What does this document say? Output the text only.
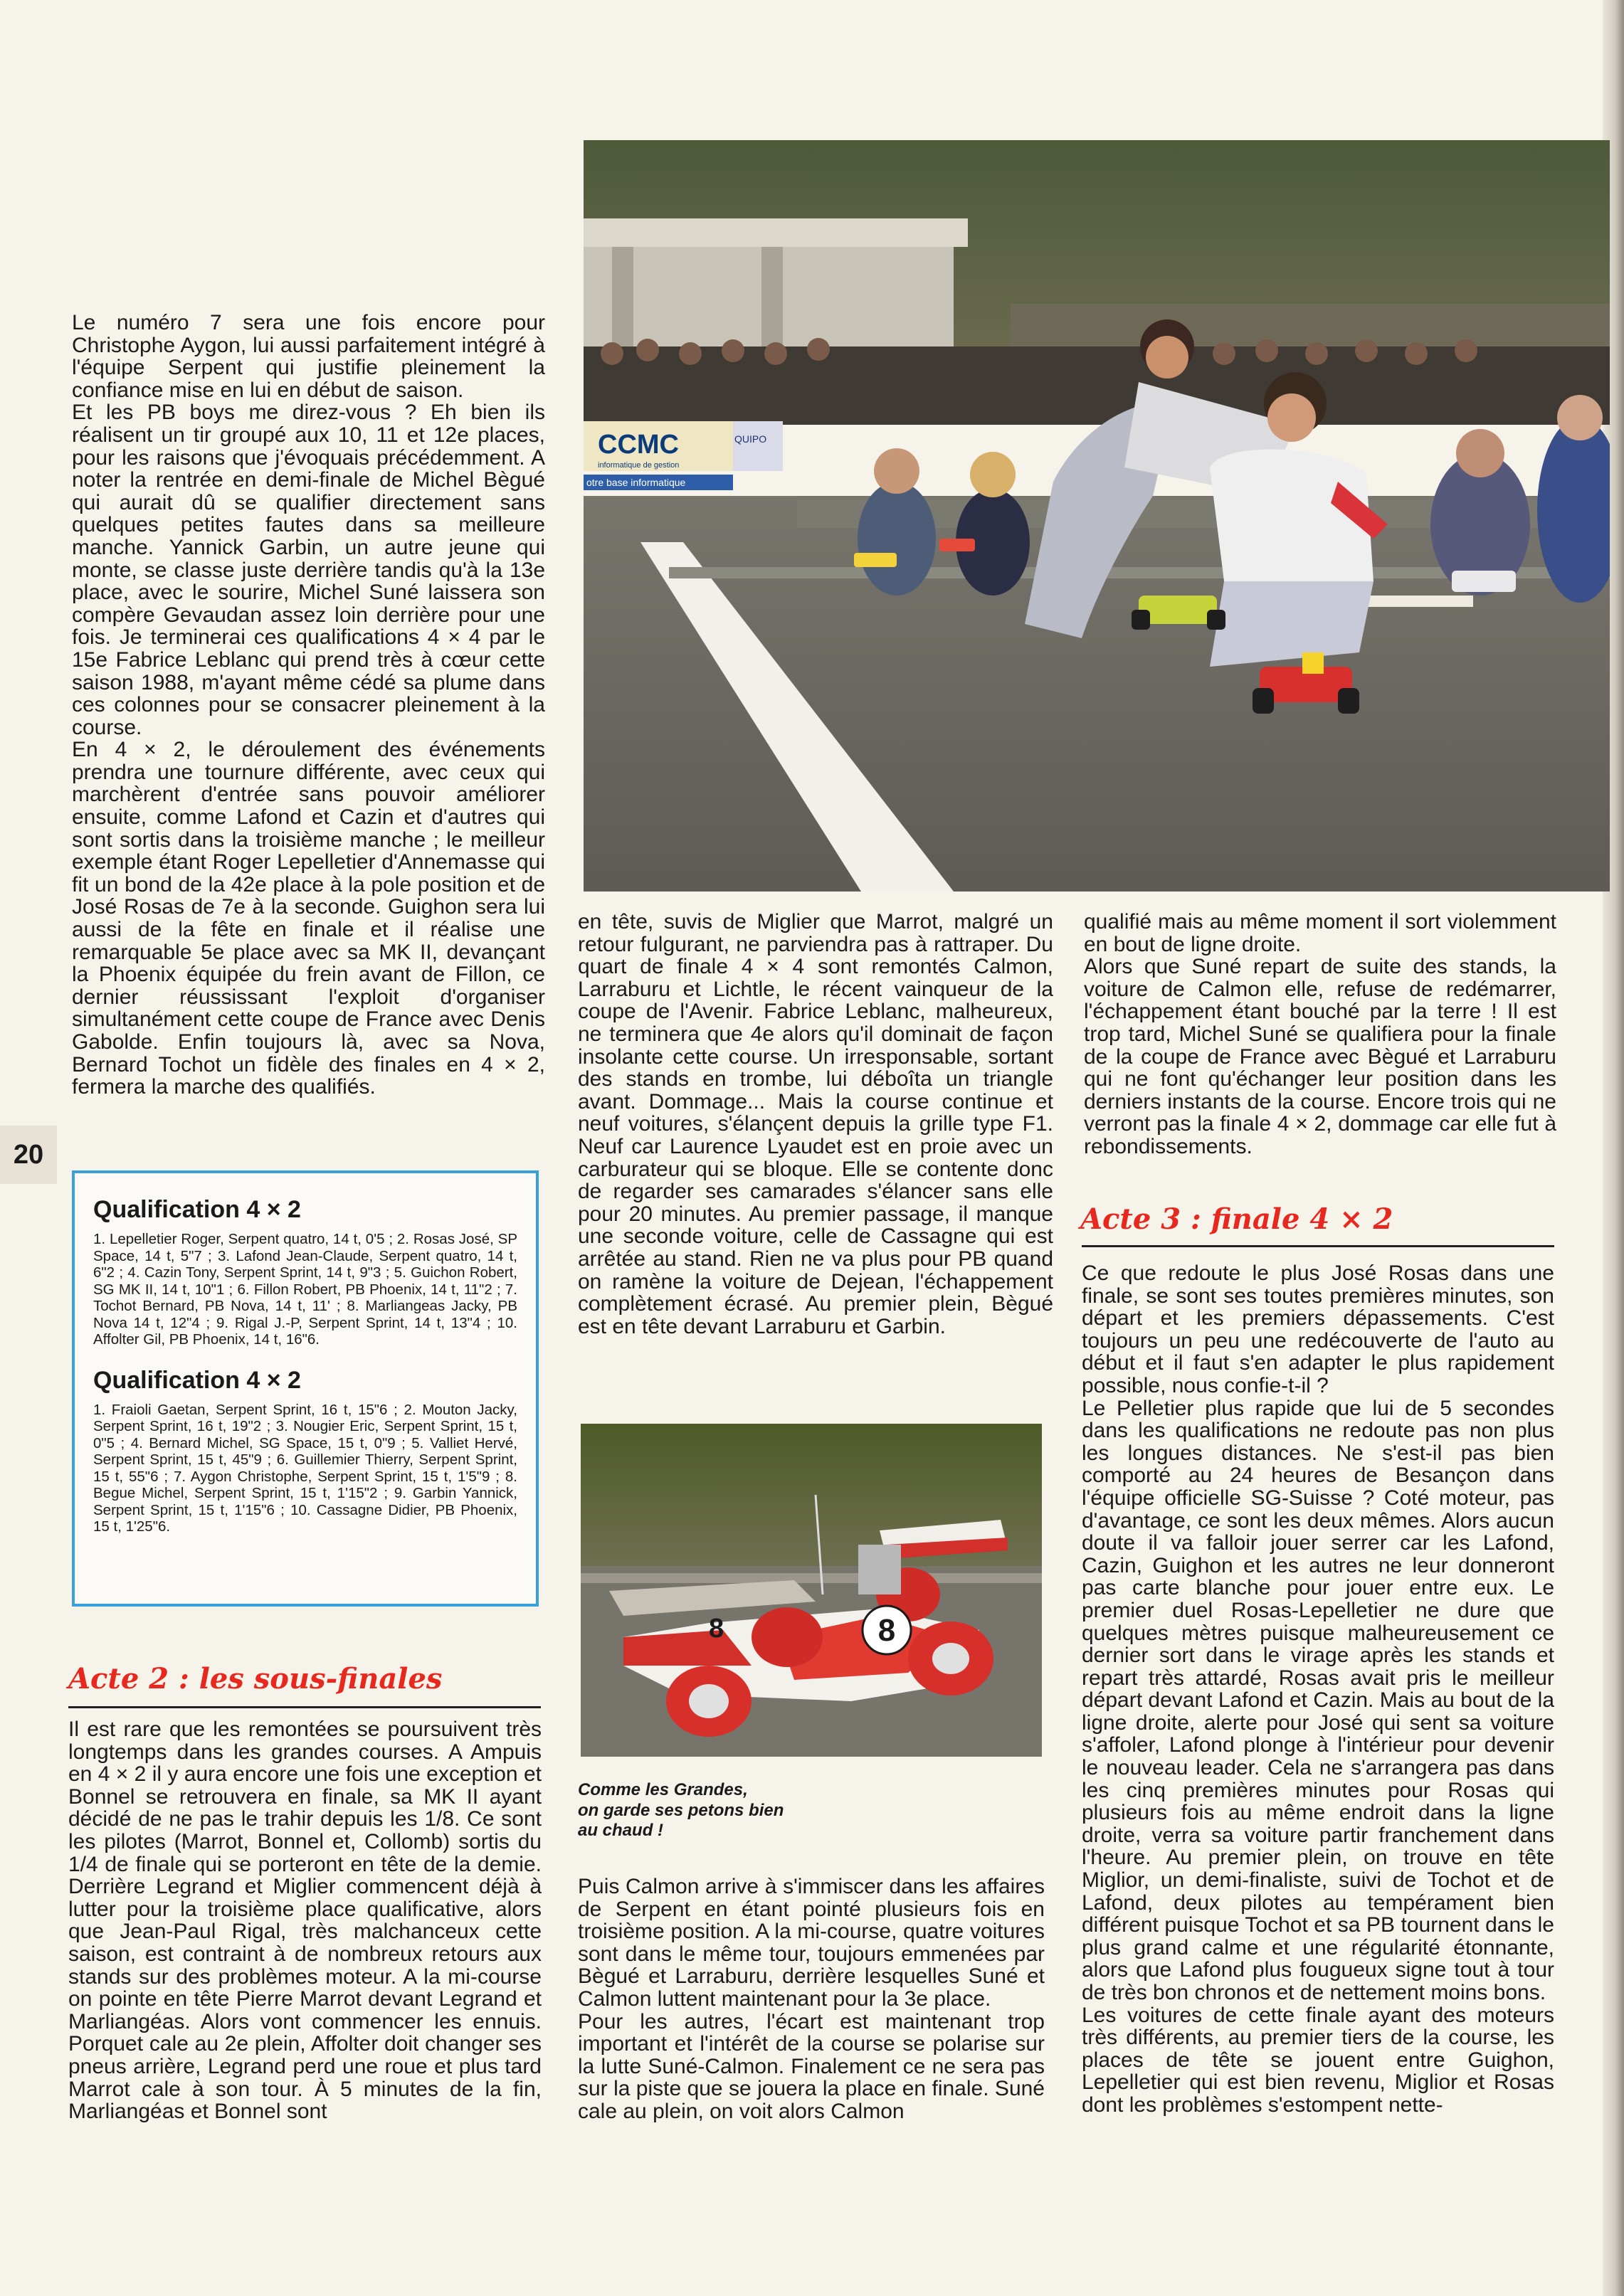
CCMC
informatique de gestion
otre base informatique
QUIPO

Le numéro 7 sera une fois encore pour Christophe Aygon, lui aussi parfaitement intégré à l'équipe Serpent qui justifie pleinement la confiance mise en lui en début de saison.

Et les PB boys me direz-vous ? Eh bien ils réalisent un tir groupé aux 10, 11 et 12e places, pour les raisons que j'évoquais précédemment. A noter la rentrée en demi-finale de Michel Bègué qui aurait dû se qualifier directement sans quelques petites fautes dans sa meilleure manche. Yannick Garbin, un autre jeune qui monte, se classe juste derrière tandis qu'à la 13e place, avec le sourire, Michel Suné laissera son compère Gevaudan assez loin derrière pour une fois. Je terminerai ces qualifications 4 × 4 par le 15e Fabrice Leblanc qui prend très à cœur cette saison 1988, m'ayant même cédé sa plume dans ces colonnes pour se consacrer pleinement à la course.

En 4 × 2, le déroulement des événements prendra une tournure différente, avec ceux qui marchèrent d'entrée sans pouvoir améliorer ensuite, comme Lafond et Cazin et d'autres qui sont sortis dans la troisième manche ; le meilleur exemple étant Roger Lepelletier d'Annemasse qui fit un bond de la 42e place à la pole position et de José Rosas de 7e à la seconde. Guighon sera lui aussi de la fête en finale et il réalise une remarquable 5e place avec sa MK II, devançant la Phoenix équipée du frein avant de Fillon, ce dernier réussissant l'exploit d'organiser simultanément cette coupe de France avec Denis Gabolde. Enfin toujours là, avec sa Nova, Bernard Tochot un fidèle des finales en 4 × 2, fermera la marche des qualifiés.

20
Qualification 4 × 2

1. Lepelletier Roger, Serpent quatro, 14 t, 0'5 ; 2. Rosas José, SP Space, 14 t, 5"7 ; 3. Lafond Jean-Claude, Serpent quatro, 14 t, 6"2 ; 4. Cazin Tony, Serpent Sprint, 14 t, 9"3 ; 5. Guichon Robert, SG MK II, 14 t, 10"1 ; 6. Fillon Robert, PB Phoenix, 14 t, 11"2 ; 7. Tochot Bernard, PB Nova, 14 t, 11' ; 8. Marliangeas Jacky, PB Nova 14 t, 12"4 ; 9. Rigal J.-P, Serpent Sprint, 14 t, 13"4 ; 10. Affolter Gil, PB Phoenix, 14 t, 16"6.

Qualification 4 × 2

1. Fraioli Gaetan, Serpent Sprint, 16 t, 15"6 ; 2. Mouton Jacky, Serpent Sprint, 16 t, 19"2 ; 3. Nougier Eric, Serpent Sprint, 15 t, 0"5 ; 4. Bernard Michel, SG Space, 15 t, 0"9 ; 5. Valliet Hervé, Serpent Sprint, 15 t, 45"9 ; 6. Guillemier Thierry, Serpent Sprint, 15 t, 55"6 ; 7. Aygon Christophe, Serpent Sprint, 15 t, 1'5"9 ; 8. Begue Michel, Serpent Sprint, 15 t, 1'15"2 ; 9. Garbin Yannick, Serpent Sprint, 15 t, 1'15"6 ; 10. Cassagne Didier, PB Phoenix, 15 t, 1'25"6.

Acte 2 : les sous-finales

Il est rare que les remontées se poursuivent très longtemps dans les grandes courses. A Ampuis en 4 × 2 il y aura encore une fois une exception et Bonnel se retrouvera en finale, sa MK II ayant décidé de ne pas le trahir depuis les 1/8. Ce sont les pilotes (Marrot, Bonnel et, Collomb) sortis du 1/4 de finale qui se porteront en tête de la demie. Derrière Legrand et Miglier commencent déjà à lutter pour la troisième place qualificative, alors que Jean-Paul Rigal, très malchanceux cette saison, est contraint à de nombreux retours aux stands sur des problèmes moteur. A la mi-course on pointe en tête Pierre Marrot devant Legrand et Marliangéas. Alors vont commencer les ennuis. Porquet cale au 2e plein, Affolter doit changer ses pneus arrière, Legrand perd une roue et plus tard Marrot cale à son tour. À 5 minutes de la fin, Marliangéas et Bonnel sont

en tête, suvis de Miglier que Marrot, malgré un retour fulgurant, ne parviendra pas à rattraper. Du quart de finale 4 × 4 sont remontés Calmon, Larraburu et Lichtle, le récent vainqueur de la coupe de l'Avenir. Fabrice Leblanc, malheureux, ne terminera que 4e alors qu'il dominait de façon insolante cette course. Un irresponsable, sortant des stands en trombe, lui déboîta un triangle avant. Dommage... Mais la course continue et neuf voitures, s'élançent depuis la grille type F1. Neuf car Laurence Lyaudet est en proie avec un carburateur qui se bloque. Elle se contente donc de regarder ses camarades s'élancer sans elle pour 20 minutes. Au premier passage, il manque une seconde voiture, celle de Cassagne qui est arrêtée au stand. Rien ne va plus pour PB quand on ramène la voiture de Dejean, l'échappement complètement écrasé. Au premier plein, Bègué est en tête devant Larraburu et Garbin.

8
8
Comme les Grandes,
on garde ses petons bien
au chaud !

Puis Calmon arrive à s'immiscer dans les affaires de Serpent en étant pointé plusieurs fois en troisième position. A la mi-course, quatre voitures sont dans le même tour, toujours emmenées par Bègué et Larraburu, derrière lesquelles Suné et Calmon luttent maintenant pour la 3e place.

Pour les autres, l'écart est maintenant trop important et l'intérêt de la course se polarise sur la lutte Suné-Calmon. Finalement ce ne sera pas sur la piste que se jouera la place en finale. Suné cale au plein, on voit alors Calmon

qualifié mais au même moment il sort violemment en bout de ligne droite.

Alors que Suné repart de suite des stands, la voiture de Calmon elle, refuse de redémarrer, l'échappement étant bouché par la terre ! Il est trop tard, Michel Suné se qualifiera pour la finale de la coupe de France avec Bègué et Larraburu qui ne font qu'échanger leur position dans les derniers instants de la course. Encore trois qui ne verront pas la finale 4 × 2, dommage car elle fut à rebondissements.

Acte 3 : finale 4 × 2

Ce que redoute le plus José Rosas dans une finale, se sont ses toutes premières minutes, son départ et les premiers dépassements. C'est toujours un peu une redécouverte de l'auto au début et il faut s'en adapter le plus rapidement possible, nous confie-t-il ?

Le Pelletier plus rapide que lui de 5 secondes dans les qualifications ne redoute pas non plus les longues distances. Ne s'est-il pas bien comporté au 24 heures de Besançon dans l'équipe officielle SG-Suisse ? Coté moteur, pas d'avantage, ce sont les deux mêmes. Alors aucun doute il va falloir jouer serrer car les Lafond, Cazin, Guighon et les autres ne leur donneront pas carte blanche pour jouer entre eux. Le premier duel Rosas-Lepelletier ne dure que quelques mètres puisque malheureusement ce dernier sort dans le virage après les stands et repart très attardé, Rosas avait pris le meilleur départ devant Lafond et Cazin. Mais au bout de la ligne droite, alerte pour José qui sent sa voiture s'affoler, Lafond plonge à l'intérieur pour devenir le nouveau leader. Cela ne s'arrangera pas dans les cinq premières minutes pour Rosas qui plusieurs fois au même endroit dans la ligne droite, verra sa voiture partir franchement dans l'heure. Au premier plein, on trouve en tête Miglior, un demi-finaliste, suivi de Tochot et de Lafond, deux pilotes au tempérament bien différent puisque Tochot et sa PB tournent dans le plus grand calme et une régularité étonnante, alors que Lafond plus fougueux signe tout à tour de très bon chronos et de nettement moins bons.

Les voitures de cette finale ayant des moteurs très différents, au premier tiers de la course, les places de tête se jouent entre Guighon, Lepelletier qui est bien revenu, Miglior et Rosas dont les problèmes s'estompent nette-
